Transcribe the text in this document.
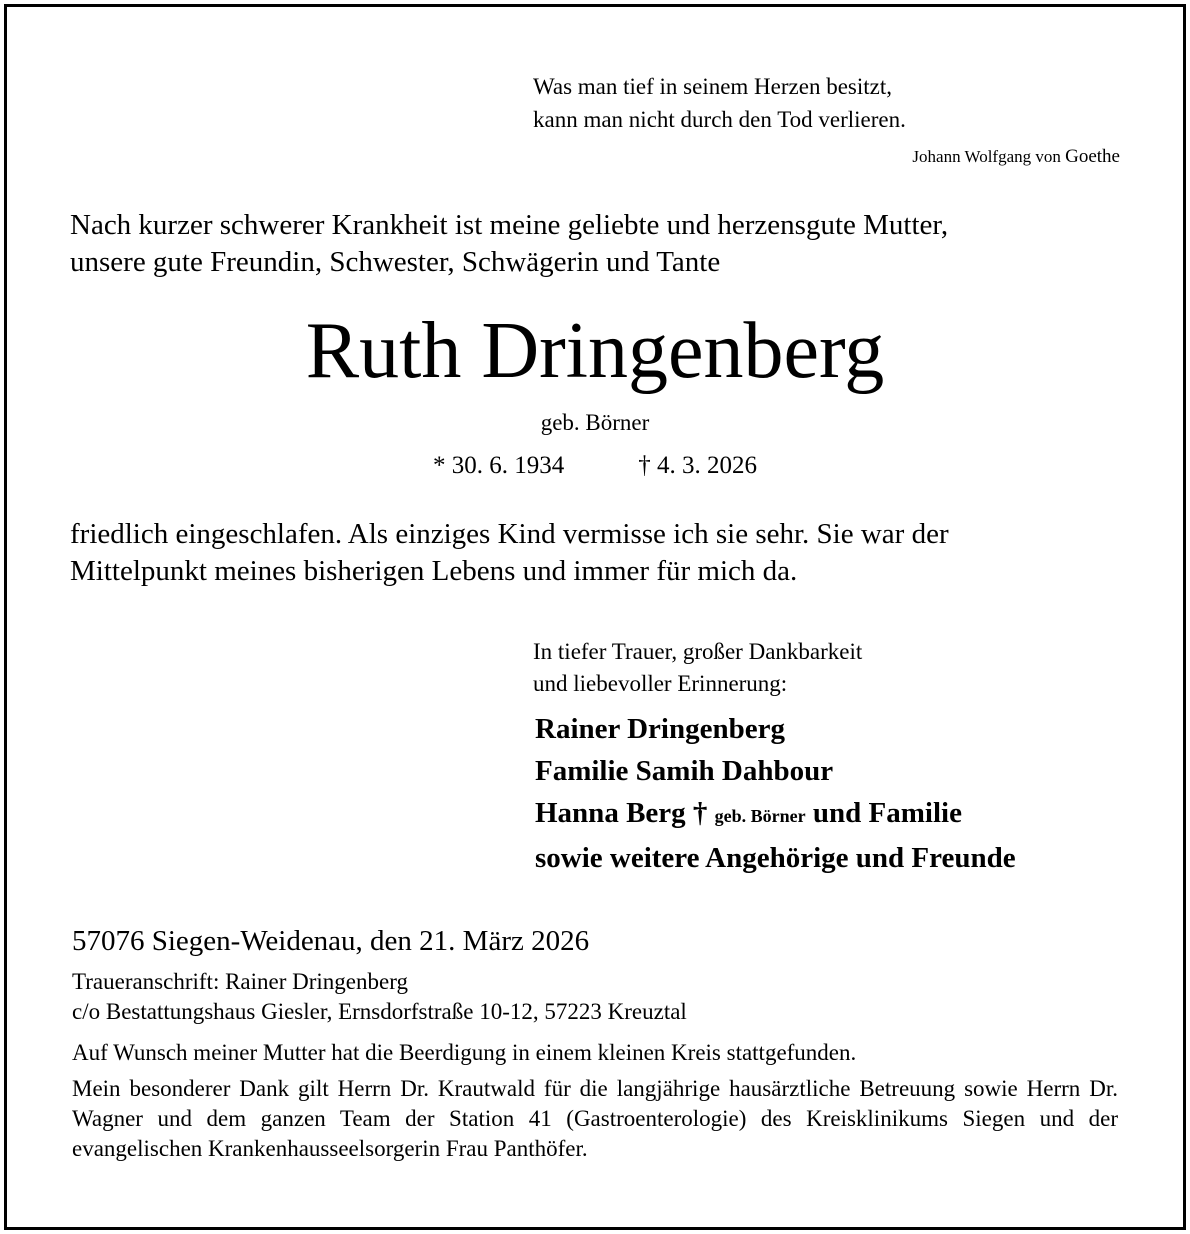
Was man tief in seinem Herzen besitzt,
kann man nicht durch den Tod verlieren.
Johann Wolfgang von Goethe
Nach kurzer schwerer Krankheit ist meine geliebte und herzensgute Mutter,
unsere gute Freundin, Schwester, Schwägerin und Tante
Ruth Dringenberg
geb. Börner
* 30. 6. 1934	† 4. 3. 2026
friedlich eingeschlafen. Als einziges Kind vermisse ich sie sehr. Sie war der
Mittelpunkt meines bisherigen Lebens und immer für mich da.
In tiefer Trauer, großer Dankbarkeit
und liebevoller Erinnerung:
Rainer Dringenberg
Familie Samih Dahbour
Hanna Berg † geb. Börner und Familie
sowie weitere Angehörige und Freunde
57076 Siegen-Weidenau, den 21. März 2026
Traueranschrift: Rainer Dringenberg
c/o Bestattungshaus Giesler, Ernsdorfstraße 10-12, 57223 Kreuztal
Auf Wunsch meiner Mutter hat die Beerdigung in einem kleinen Kreis stattgefunden.
Mein besonderer Dank gilt Herrn Dr. Krautwald für die langjährige hausärztliche Betreuung sowie Herrn Dr. Wagner und dem ganzen Team der Station 41 (Gastroenterologie) des Kreisklinikums Siegen und der evangelischen Krankenhausseelsorgerin Frau Panthöfer.
